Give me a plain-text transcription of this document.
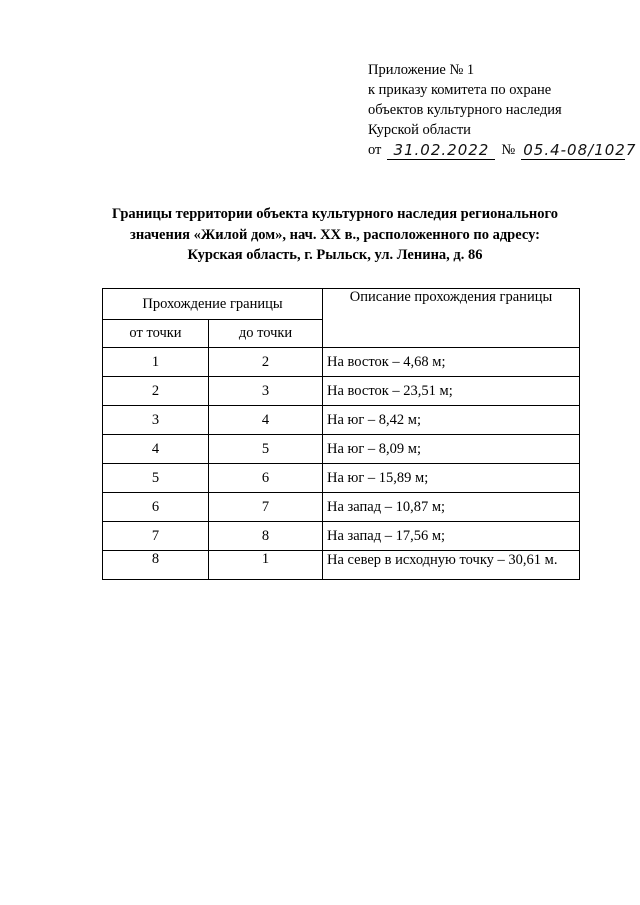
Приложение № 1
к приказу комитета по охране
объектов культурного наследия
Курской области
от 31.02.2022 № 05.4-08/1027
Границы территории объекта культурного наследия регионального
значения «Жилой дом», нач. XX в., расположенного по адресу:
Курская область, г. Рыльск, ул. Ленина, д. 86
Прохождение границы		Описание прохождения границы
от точки	до точки	
1	2	На восток – 4,68 м;
2	3	На восток – 23,51 м;
3	4	На юг – 8,42 м;
4	5	На юг – 8,09 м;
5	6	На юг – 15,89 м;
6	7	На запад – 10,87 м;
7	8	На запад – 17,56 м;
8	1	На север в исходную точку – 30,61 м.
